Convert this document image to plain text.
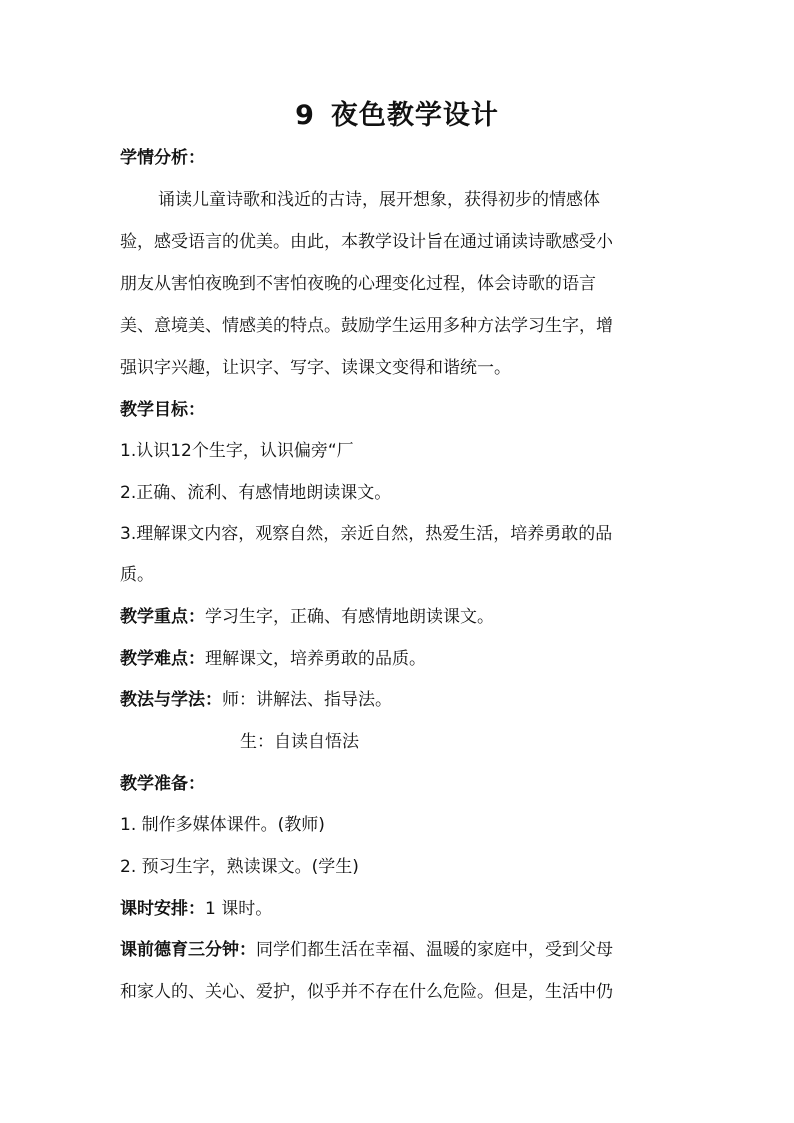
9 夜色教学设计
学情分析：
诵读儿童诗歌和浅近的古诗，展开想象，获得初步的情感体
验，感受语言的优美。由此，本教学设计旨在通过诵读诗歌感受小
朋友从害怕夜晚到不害怕夜晚的心理变化过程，体会诗歌的语言
美、意境美、情感美的特点。鼓励学生运用多种方法学习生字，增
强识字兴趣，让识字、写字、读课文变得和谐统一。
教学目标：
1.认识12个生字，认识偏旁“厂
2.正确、流利、有感情地朗读课文。
3.理解课文内容，观察自然，亲近自然，热爱生活，培养勇敢的品
质。
教学重点：学习生字，正确、有感情地朗读课文。
教学难点：理解课文，培养勇敢的品质。
教法与学法：师：讲解法、指导法。
生：自读自悟法
教学准备：
1. 制作多媒体课件。(教师)
2. 预习生字，熟读课文。(学生)
课时安排：1 课时。
课前德育三分钟：同学们都生活在幸福、温暖的家庭中，受到父母
和家人的、关心、爱护，似乎并不存在什么危险。但是，生活中仍
